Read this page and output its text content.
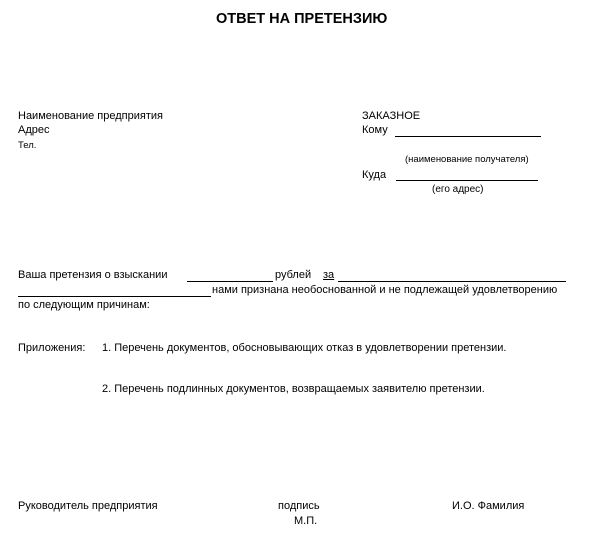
ОТВЕТ НА ПРЕТЕНЗИЮ
Наименование предприятия
Адрес
Тел.
ЗАКАЗНОЕ
Кому
(наименование получателя)
Куда
(его адрес)
Ваша претензия о взыскании	рублей за
нами признана необоснованной и не подлежащей удовлетворению
по следующим причинам:
Приложения: 1. Перечень документов, обосновывающих отказ в удовлетворении претензии.
2. Перечень подлинных документов, возвращаемых заявителю претензии.
Руководитель предприятия	подпись
М.П.
И.О. Фамилия
